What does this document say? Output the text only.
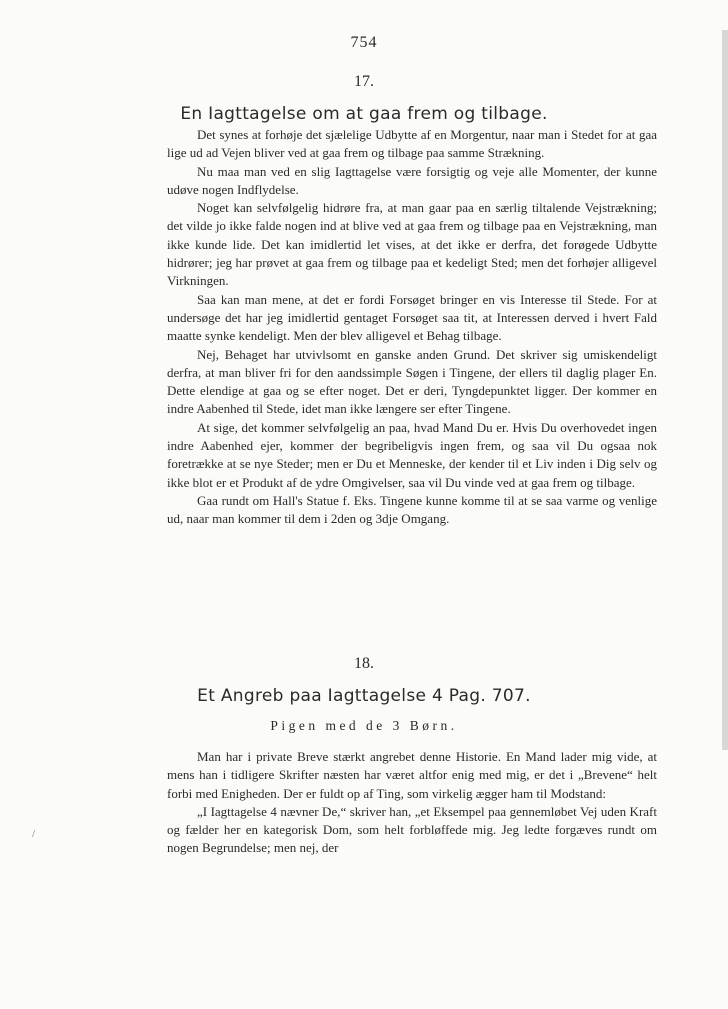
/
754
17.
En Iagttagelse om at gaa frem og tilbage.

Det synes at forhøje det sjælelige Udbytte af en Morgentur, naar man i Stedet for at gaa lige ud ad Vejen bliver ved at gaa frem og tilbage paa samme Strækning.

Nu maa man ved en slig Iagttagelse være forsigtig og veje alle Momenter, der kunne udøve nogen Indflydelse.

Noget kan selvfølgelig hidrøre fra, at man gaar paa en særlig tiltalende Vejstrækning; det vilde jo ikke falde nogen ind at blive ved at gaa frem og tilbage paa en Vejstrækning, man ikke kunde lide. Det kan imidlertid let vises, at det ikke er derfra, det forøgede Udbytte hidrører; jeg har prøvet at gaa frem og tilbage paa et kedeligt Sted; men det forhøjer alligevel Virkningen.

Saa kan man mene, at det er fordi Forsøget bringer en vis Interesse til Stede. For at undersøge det har jeg imidlertid gentaget Forsøget saa tit, at Interessen derved i hvert Fald maatte synke kendeligt. Men der blev alligevel et Behag tilbage.

Nej, Behaget har utvivlsomt en ganske anden Grund. Det skriver sig umiskendeligt derfra, at man bliver fri for den aandssimple Søgen i Tingene, der ellers til daglig plager En. Dette elendige at gaa og se efter noget. Det er deri, Tyngdepunktet ligger. Der kommer en indre Aabenhed til Stede, idet man ikke længere ser efter Tingene.

At sige, det kommer selvfølgelig an paa, hvad Mand Du er. Hvis Du overhovedet ingen indre Aabenhed ejer, kommer der begribeligvis ingen frem, og saa vil Du ogsaa nok foretrække at se nye Steder; men er Du et Menneske, der kender til et Liv inden i Dig selv og ikke blot er et Produkt af de ydre Omgivelser, saa vil Du vinde ved at gaa frem og tilbage.

Gaa rundt om Hall's Statue f. Eks. Tingene kunne komme til at se saa varme og venlige ud, naar man kommer til dem i 2den og 3dje Omgang.

18.
Et Angreb paa Iagttagelse 4 Pag. 707.
Pigen med de 3 Børn.

Man har i private Breve stærkt angrebet denne Historie. En Mand lader mig vide, at mens han i tidligere Skrifter næsten har været altfor enig med mig, er det i „Brevene“ helt forbi med Enigheden. Der er fuldt op af Ting, som virkelig ægger ham til Modstand:

„I Iagttagelse 4 nævner De,“ skriver han, „et Eksempel paa gennemløbet Vej uden Kraft og fælder her en kategorisk Dom, som helt forbløffede mig. Jeg ledte forgæves rundt om nogen Begrundelse; men nej, der
